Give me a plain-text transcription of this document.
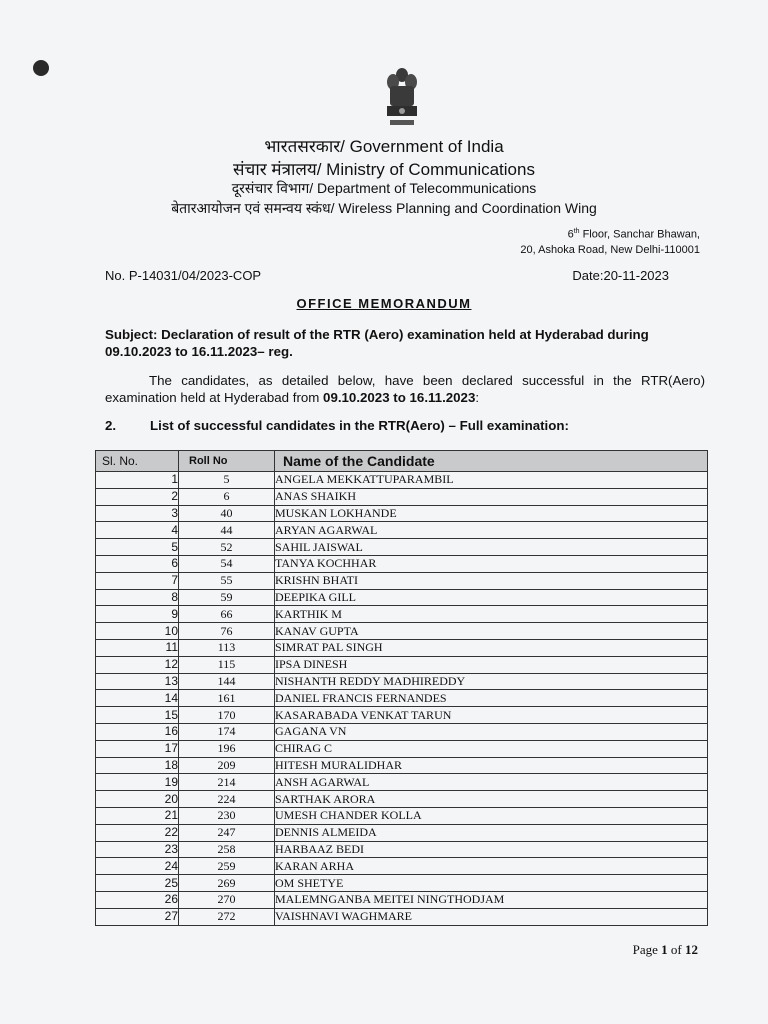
भारतसरकार/ Government of India
संचार मंत्रालय/ Ministry of Communications
दूरसंचार विभाग/ Department of Telecommunications
बेतारआयोजन एवं समन्वय स्कंध/ Wireless Planning and Coordination Wing
6th Floor, Sanchar Bhawan,
20, Ashoka Road, New Delhi-110001
No. P-14031/04/2023-COP	Date:20-11-2023
OFFICE MEMORANDUM
Subject: Declaration of result of the RTR (Aero) examination held at Hyderabad during 09.10.2023 to 16.11.2023– reg.
The candidates, as detailed below, have been declared successful in the RTR(Aero) examination held at Hyderabad from 09.10.2023 to 16.11.2023:
2.	List of successful candidates in the RTR(Aero) – Full examination:
Sl. No.	Roll No	Name of the Candidate
1	5	ANGELA MEKKATTUPARAMBIL
2	6	ANAS SHAIKH
3	40	MUSKAN LOKHANDE
4	44	ARYAN AGARWAL
5	52	SAHIL JAISWAL
6	54	TANYA KOCHHAR
7	55	KRISHN BHATI
8	59	DEEPIKA GILL
9	66	KARTHIK M
10	76	KANAV GUPTA
11	113	SIMRAT PAL SINGH
12	115	IPSA DINESH
13	144	NISHANTH REDDY MADHIREDDY
14	161	DANIEL FRANCIS FERNANDES
15	170	KASARABADA VENKAT TARUN
16	174	GAGANA VN
17	196	CHIRAG C
18	209	HITESH MURALIDHAR
19	214	ANSH AGARWAL
20	224	SARTHAK ARORA
21	230	UMESH CHANDER KOLLA
22	247	DENNIS ALMEIDA
23	258	HARBAAZ BEDI
24	259	KARAN ARHA
25	269	OM SHETYE
26	270	MALEMNGANBA MEITEI NINGTHODJAM
27	272	VAISHNAVI WAGHMARE
Page 1 of 12
